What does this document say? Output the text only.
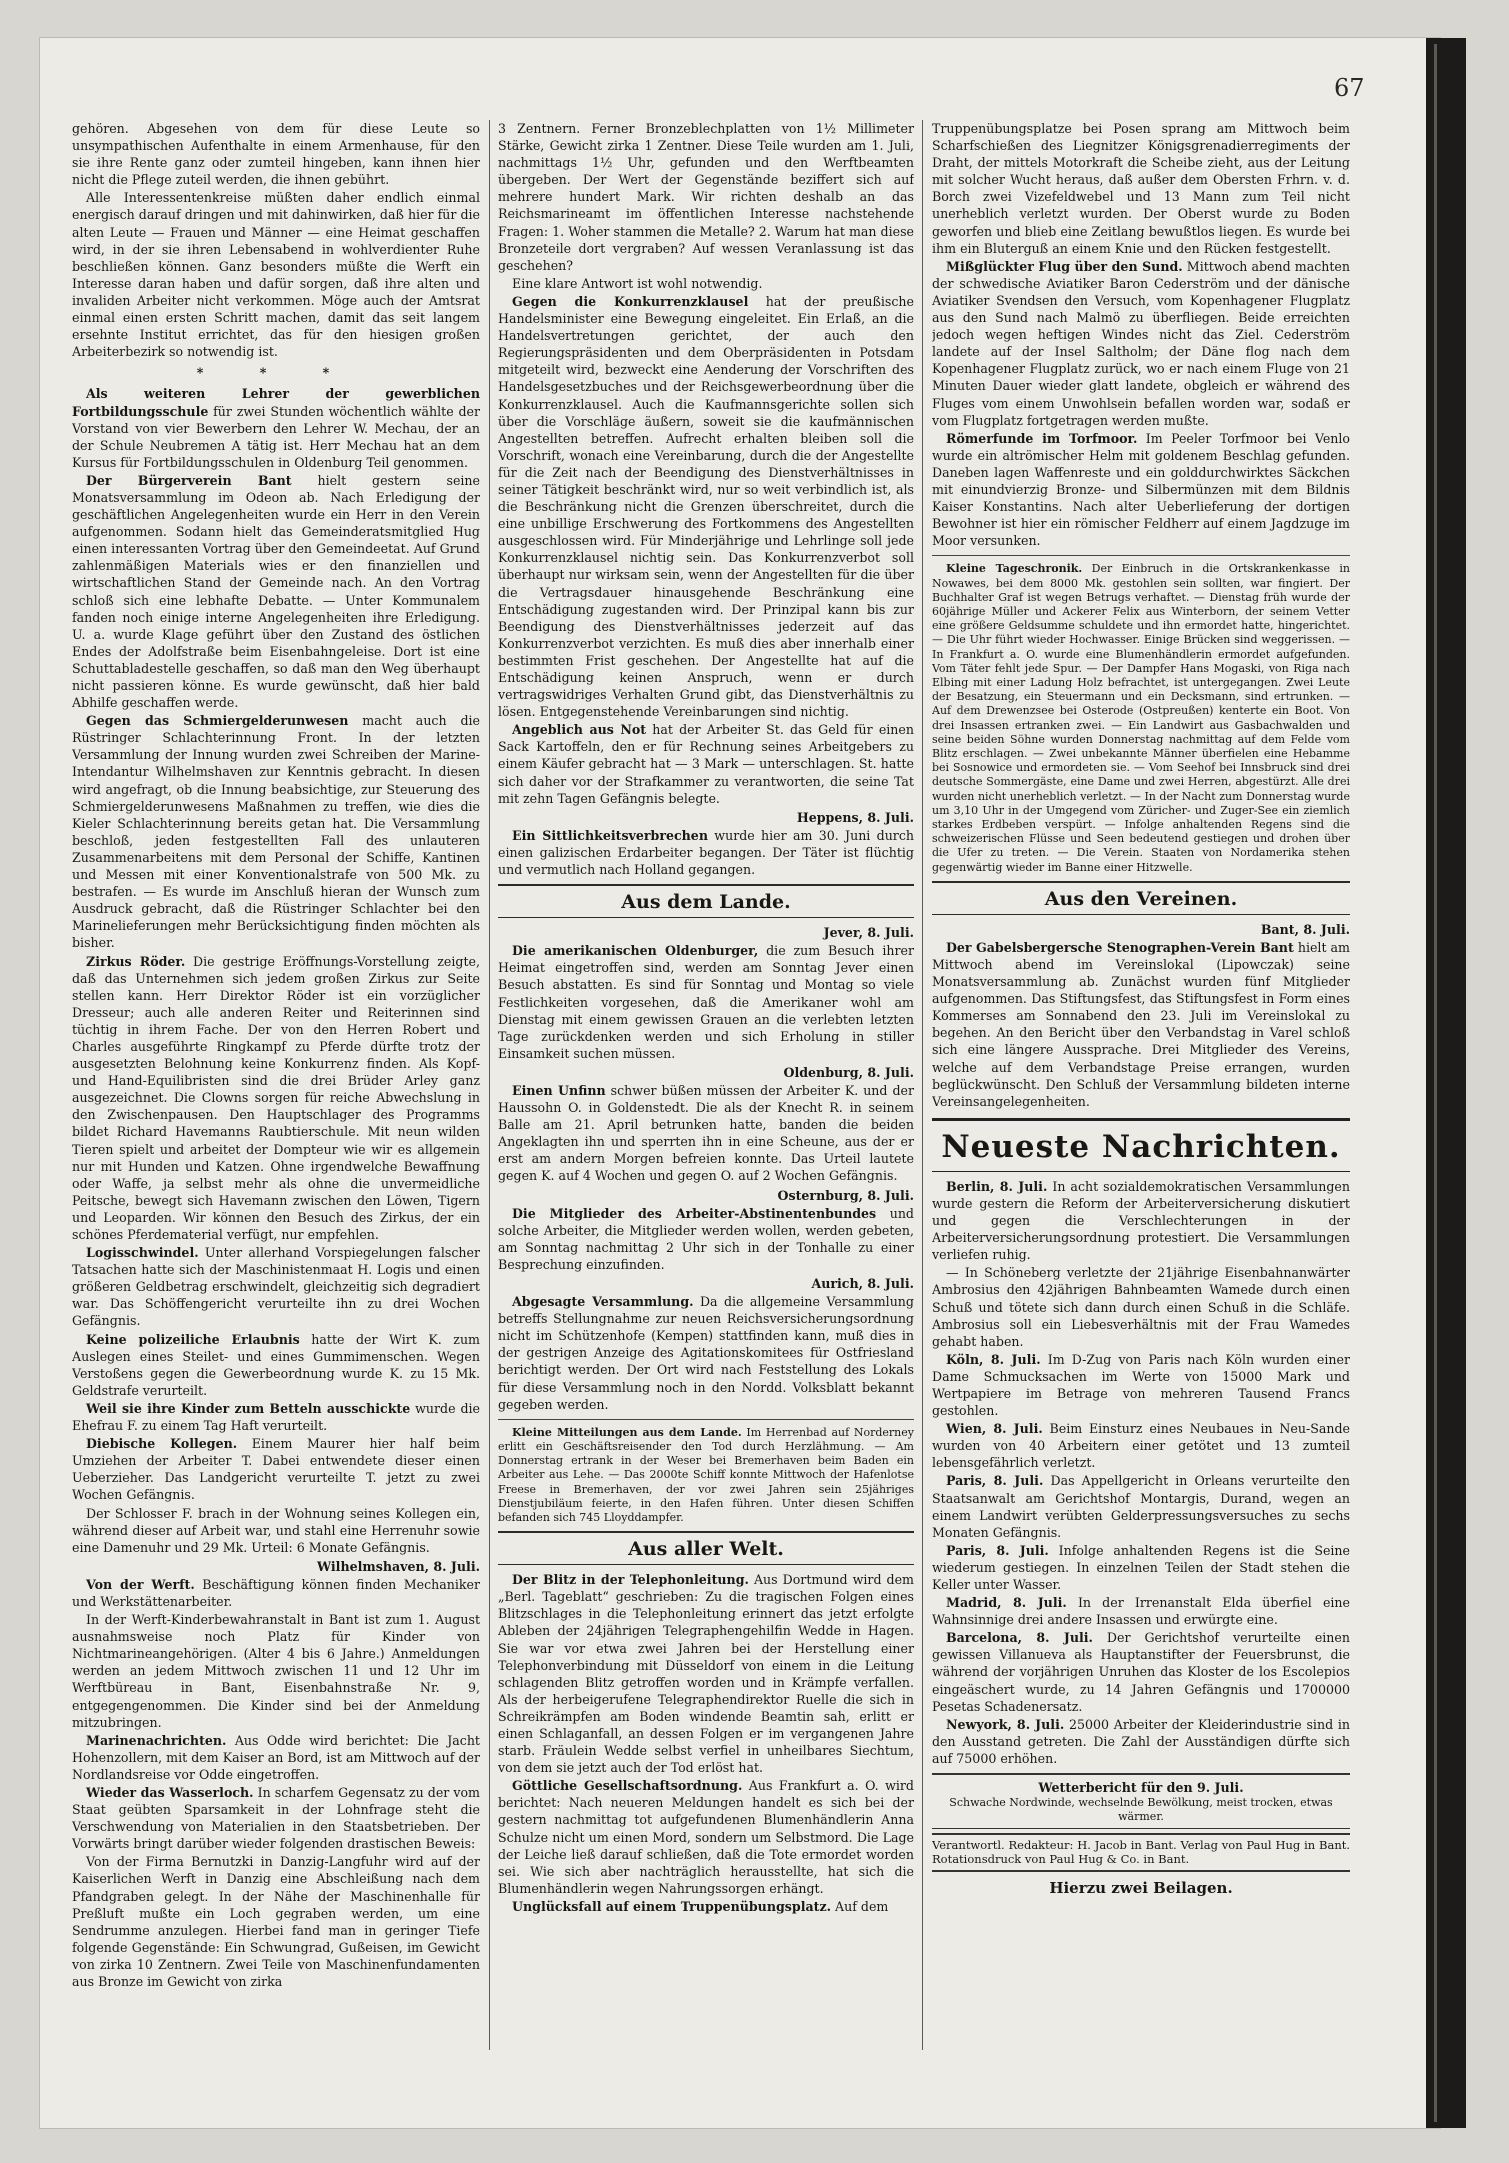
67

gehören. Abgesehen von dem für diese Leute so unsympathischen Aufenthalte in einem Armenhause, für den sie ihre Rente ganz oder zumteil hingeben, kann ihnen hier nicht die Pflege zuteil werden, die ihnen gebührt.

Alle Interessentenkreise müßten daher endlich einmal energisch darauf dringen und mit dahinwirken, daß hier für die alten Leute — Frauen und Männer — eine Heimat geschaffen wird, in der sie ihren Lebensabend in wohlverdienter Ruhe beschließen können. Ganz besonders müßte die Werft ein Interesse daran haben und dafür sorgen, daß ihre alten und invaliden Arbeiter nicht verkommen. Möge auch der Amtsrat einmal einen ersten Schritt machen, damit das seit langem ersehnte Institut errichtet, das für den hiesigen großen Arbeiterbezirk so notwendig ist.

* * *

Als weiteren Lehrer der gewerblichen Fortbildungsschule für zwei Stunden wöchentlich wählte der Vorstand von vier Bewerbern den Lehrer W. Mechau, der an der Schule Neubremen A tätig ist. Herr Mechau hat an dem Kursus für Fortbildungsschulen in Oldenburg Teil genommen.

Der Bürgerverein Bant hielt gestern seine Monatsversammlung im Odeon ab. Nach Erledigung der geschäftlichen Angelegenheiten wurde ein Herr in den Verein aufgenommen. Sodann hielt das Gemeinderatsmitglied Hug einen interessanten Vortrag über den Gemeindeetat. Auf Grund zahlenmäßigen Materials wies er den finanziellen und wirtschaftlichen Stand der Gemeinde nach. An den Vortrag schloß sich eine lebhafte Debatte. — Unter Kommunalem fanden noch einige interne Angelegenheiten ihre Erledigung. U. a. wurde Klage geführt über den Zustand des östlichen Endes der Adolfstraße beim Eisenbahngeleise. Dort ist eine Schuttabladestelle geschaffen, so daß man den Weg überhaupt nicht passieren könne. Es wurde gewünscht, daß hier bald Abhilfe geschaffen werde.

Gegen das Schmiergelderunwesen macht auch die Rüstringer Schlachterinnung Front. In der letzten Versammlung der Innung wurden zwei Schreiben der Marine-Intendantur Wilhelmshaven zur Kenntnis gebracht. In diesen wird angefragt, ob die Innung beabsichtige, zur Steuerung des Schmiergelderunwesens Maßnahmen zu treffen, wie dies die Kieler Schlachterinnung bereits getan hat. Die Versammlung beschloß, jeden festgestellten Fall des unlauteren Zusammenarbeitens mit dem Personal der Schiffe, Kantinen und Messen mit einer Konventionalstrafe von 500 Mk. zu bestrafen. — Es wurde im Anschluß hieran der Wunsch zum Ausdruck gebracht, daß die Rüstringer Schlachter bei den Marinelieferungen mehr Berücksichtigung finden möchten als bisher.

Zirkus Röder. Die gestrige Eröffnungs-Vorstellung zeigte, daß das Unternehmen sich jedem großen Zirkus zur Seite stellen kann. Herr Direktor Röder ist ein vorzüglicher Dresseur; auch alle anderen Reiter und Reiterinnen sind tüchtig in ihrem Fache. Der von den Herren Robert und Charles ausgeführte Ringkampf zu Pferde dürfte trotz der ausgesetzten Belohnung keine Konkurrenz finden. Als Kopf- und Hand-Equilibristen sind die drei Brüder Arley ganz ausgezeichnet. Die Clowns sorgen für reiche Abwechslung in den Zwischenpausen. Den Hauptschlager des Programms bildet Richard Havemanns Raubtierschule. Mit neun wilden Tieren spielt und arbeitet der Dompteur wie wir es allgemein nur mit Hunden und Katzen. Ohne irgendwelche Bewaffnung oder Waffe, ja selbst mehr als ohne die unvermeidliche Peitsche, bewegt sich Havemann zwischen den Löwen, Tigern und Leoparden. Wir können den Besuch des Zirkus, der ein schönes Pferdematerial verfügt, nur empfehlen.

Logisschwindel. Unter allerhand Vorspiegelungen falscher Tatsachen hatte sich der Maschinistenmaat H. Logis und einen größeren Geldbetrag erschwindelt, gleichzeitig sich degradiert war. Das Schöffengericht verurteilte ihn zu drei Wochen Gefängnis.

Keine polizeiliche Erlaubnis hatte der Wirt K. zum Auslegen eines Steilet- und eines Gummimenschen. Wegen Verstoßens gegen die Gewerbeordnung wurde K. zu 15 Mk. Geldstrafe verurteilt.

Weil sie ihre Kinder zum Betteln ausschickte wurde die Ehefrau F. zu einem Tag Haft verurteilt.

Diebische Kollegen. Einem Maurer hier half beim Umziehen der Arbeiter T. Dabei entwendete dieser einen Ueberzieher. Das Landgericht verurteilte T. jetzt zu zwei Wochen Gefängnis.

Der Schlosser F. brach in der Wohnung seines Kollegen ein, während dieser auf Arbeit war, und stahl eine Herrenuhr sowie eine Damenuhr und 29 Mk. Urteil: 6 Monate Gefängnis.

Wilhelmshaven, 8. Juli.

Von der Werft. Beschäftigung können finden Mechaniker und Werkstättenarbeiter.

In der Werft-Kinderbewahranstalt in Bant ist zum 1. August ausnahmsweise noch Platz für Kinder von Nichtmarineangehörigen. (Alter 4 bis 6 Jahre.) Anmeldungen werden an jedem Mittwoch zwischen 11 und 12 Uhr im Werftbüreau in Bant, Eisenbahnstraße Nr. 9, entgegengenommen. Die Kinder sind bei der Anmeldung mitzubringen.

Marinenachrichten. Aus Odde wird berichtet: Die Jacht Hohenzollern, mit dem Kaiser an Bord, ist am Mittwoch auf der Nordlandsreise vor Odde eingetroffen.

Wieder das Wasserloch. In scharfem Gegensatz zu der vom Staat geübten Sparsamkeit in der Lohnfrage steht die Verschwendung von Materialien in den Staatsbetrieben. Der Vorwärts bringt darüber wieder folgenden drastischen Beweis:

Von der Firma Bernutzki in Danzig-Langfuhr wird auf der Kaiserlichen Werft in Danzig eine Abschleißung nach dem Pfandgraben gelegt. In der Nähe der Maschinenhalle für Preßluft mußte ein Loch gegraben werden, um eine Sendrumme anzulegen. Hierbei fand man in geringer Tiefe folgende Gegenstände: Ein Schwungrad, Gußeisen, im Gewicht von zirka 10 Zentnern. Zwei Teile von Maschinenfundamenten aus Bronze im Gewicht von zirka

3 Zentnern. Ferner Bronzeblechplatten von 1½ Millimeter Stärke, Gewicht zirka 1 Zentner. Diese Teile wurden am 1. Juli, nachmittags 1½ Uhr, gefunden und den Werftbeamten übergeben. Der Wert der Gegenstände beziffert sich auf mehrere hundert Mark. Wir richten deshalb an das Reichsmarineamt im öffentlichen Interesse nachstehende Fragen: 1. Woher stammen die Metalle? 2. Warum hat man diese Bronzeteile dort vergraben? Auf wessen Veranlassung ist das geschehen?

Eine klare Antwort ist wohl notwendig.

Gegen die Konkurrenzklausel hat der preußische Handelsminister eine Bewegung eingeleitet. Ein Erlaß, an die Handelsvertretungen gerichtet, der auch den Regierungspräsidenten und dem Oberpräsidenten in Potsdam mitgeteilt wird, bezweckt eine Aenderung der Vorschriften des Handelsgesetzbuches und der Reichsgewerbeordnung über die Konkurrenzklausel. Auch die Kaufmannsgerichte sollen sich über die Vorschläge äußern, soweit sie die kaufmännischen Angestellten betreffen. Aufrecht erhalten bleiben soll die Vorschrift, wonach eine Vereinbarung, durch die der Angestellte für die Zeit nach der Beendigung des Dienstverhältnisses in seiner Tätigkeit beschränkt wird, nur so weit verbindlich ist, als die Beschränkung nicht die Grenzen überschreitet, durch die eine unbillige Erschwerung des Fortkommens des Angestellten ausgeschlossen wird. Für Minderjährige und Lehrlinge soll jede Konkurrenzklausel nichtig sein. Das Konkurrenzverbot soll überhaupt nur wirksam sein, wenn der Angestellten für die über die Vertragsdauer hinausgehende Beschränkung eine Entschädigung zugestanden wird. Der Prinzipal kann bis zur Beendigung des Dienstverhältnisses jederzeit auf das Konkurrenzverbot verzichten. Es muß dies aber innerhalb einer bestimmten Frist geschehen. Der Angestellte hat auf die Entschädigung keinen Anspruch, wenn er durch vertragswidriges Verhalten Grund gibt, das Dienstverhältnis zu lösen. Entgegenstehende Vereinbarungen sind nichtig.

Angeblich aus Not hat der Arbeiter St. das Geld für einen Sack Kartoffeln, den er für Rechnung seines Arbeitgebers zu einem Käufer gebracht hat — 3 Mark — unterschlagen. St. hatte sich daher vor der Strafkammer zu verantworten, die seine Tat mit zehn Tagen Gefängnis belegte.

Heppens, 8. Juli.

Ein Sittlichkeitsverbrechen wurde hier am 30. Juni durch einen galizischen Erdarbeiter begangen. Der Täter ist flüchtig und vermutlich nach Holland gegangen.

Aus dem Lande.
Jever, 8. Juli.

Die amerikanischen Oldenburger, die zum Besuch ihrer Heimat eingetroffen sind, werden am Sonntag Jever einen Besuch abstatten. Es sind für Sonntag und Montag so viele Festlichkeiten vorgesehen, daß die Amerikaner wohl am Dienstag mit einem gewissen Grauen an die verlebten letzten Tage zurückdenken werden und sich Erholung in stiller Einsamkeit suchen müssen.

Oldenburg, 8. Juli.

Einen Unfinn schwer büßen müssen der Arbeiter K. und der Haussohn O. in Goldenstedt. Die als der Knecht R. in seinem Balle am 21. April betrunken hatte, banden die beiden Angeklagten ihn und sperrten ihn in eine Scheune, aus der er erst am andern Morgen befreien konnte. Das Urteil lautete gegen K. auf 4 Wochen und gegen O. auf 2 Wochen Gefängnis.

Osternburg, 8. Juli.

Die Mitglieder des Arbeiter-Abstinentenbundes und solche Arbeiter, die Mitglieder werden wollen, werden gebeten, am Sonntag nachmittag 2 Uhr sich in der Tonhalle zu einer Besprechung einzufinden.

Aurich, 8. Juli.

Abgesagte Versammlung. Da die allgemeine Versammlung betreffs Stellungnahme zur neuen Reichsversicherungsordnung nicht im Schützenhofe (Kempen) stattfinden kann, muß dies in der gestrigen Anzeige des Agitationskomitees für Ostfriesland berichtigt werden. Der Ort wird nach Feststellung des Lokals für diese Versammlung noch in den Nordd. Volksblatt bekannt gegeben werden.

Kleine Mitteilungen aus dem Lande. Im Herrenbad auf Norderney erlitt ein Geschäftsreisender den Tod durch Herzlähmung. — Am Donnerstag ertrank in der Weser bei Bremerhaven beim Baden ein Arbeiter aus Lehe. — Das 2000te Schiff konnte Mittwoch der Hafenlotse Freese in Bremerhaven, der vor zwei Jahren sein 25jähriges Dienstjubiläum feierte, in den Hafen führen. Unter diesen Schiffen befanden sich 745 Lloyddampfer.

Aus aller Welt.

Der Blitz in der Telephonleitung. Aus Dortmund wird dem „Berl. Tageblatt“ geschrieben: Zu die tragischen Folgen eines Blitzschlages in die Telephonleitung erinnert das jetzt erfolgte Ableben der 24jährigen Telegraphengehilfin Wedde in Hagen. Sie war vor etwa zwei Jahren bei der Herstellung einer Telephonverbindung mit Düsseldorf von einem in die Leitung schlagenden Blitz getroffen worden und in Krämpfe verfallen. Als der herbeigerufene Telegraphendirektor Ruelle die sich in Schreikrämpfen am Boden windende Beamtin sah, erlitt er einen Schlaganfall, an dessen Folgen er im vergangenen Jahre starb. Fräulein Wedde selbst verfiel in unheilbares Siechtum, von dem sie jetzt auch der Tod erlöst hat.

Göttliche Gesellschaftsordnung. Aus Frankfurt a. O. wird berichtet: Nach neueren Meldungen handelt es sich bei der gestern nachmittag tot aufgefundenen Blumenhändlerin Anna Schulze nicht um einen Mord, sondern um Selbstmord. Die Lage der Leiche ließ darauf schließen, daß die Tote ermordet worden sei. Wie sich aber nachträglich herausstellte, hat sich die Blumenhändlerin wegen Nahrungssorgen erhängt.

Unglücksfall auf einem Truppenübungsplatz. Auf dem

Truppenübungsplatze bei Posen sprang am Mittwoch beim Scharfschießen des Liegnitzer Königsgrenadierregiments der Draht, der mittels Motorkraft die Scheibe zieht, aus der Leitung mit solcher Wucht heraus, daß außer dem Obersten Frhrn. v. d. Borch zwei Vizefeldwebel und 13 Mann zum Teil nicht unerheblich verletzt wurden. Der Oberst wurde zu Boden geworfen und blieb eine Zeitlang bewußtlos liegen. Es wurde bei ihm ein Bluterguß an einem Knie und den Rücken festgestellt.

Mißglückter Flug über den Sund. Mittwoch abend machten der schwedische Aviatiker Baron Cederström und der dänische Aviatiker Svendsen den Versuch, vom Kopenhagener Flugplatz aus den Sund nach Malmö zu überfliegen. Beide erreichten jedoch wegen heftigen Windes nicht das Ziel. Cederström landete auf der Insel Saltholm; der Däne flog nach dem Kopenhagener Flugplatz zurück, wo er nach einem Fluge von 21 Minuten Dauer wieder glatt landete, obgleich er während des Fluges vom einem Unwohlsein befallen worden war, sodaß er vom Flugplatz fortgetragen werden mußte.

Römerfunde im Torfmoor. Im Peeler Torfmoor bei Venlo wurde ein altrömischer Helm mit goldenem Beschlag gefunden. Daneben lagen Waffenreste und ein golddurchwirktes Säckchen mit einundvierzig Bronze- und Silbermünzen mit dem Bildnis Kaiser Konstantins. Nach alter Ueberlieferung der dortigen Bewohner ist hier ein römischer Feldherr auf einem Jagdzuge im Moor versunken.

Kleine Tageschronik. Der Einbruch in die Ortskrankenkasse in Nowawes, bei dem 8000 Mk. gestohlen sein sollten, war fingiert. Der Buchhalter Graf ist wegen Betrugs verhaftet. — Dienstag früh wurde der 60jährige Müller und Ackerer Felix aus Winterborn, der seinem Vetter eine größere Geldsumme schuldete und ihn ermordet hatte, hingerichtet. — Die Uhr führt wieder Hochwasser. Einige Brücken sind weggerissen. — In Frankfurt a. O. wurde eine Blumenhändlerin ermordet aufgefunden. Vom Täter fehlt jede Spur. — Der Dampfer Hans Mogaski, von Riga nach Elbing mit einer Ladung Holz befrachtet, ist untergegangen. Zwei Leute der Besatzung, ein Steuermann und ein Decksmann, sind ertrunken. — Auf dem Drewenzsee bei Osterode (Ostpreußen) kenterte ein Boot. Von drei Insassen ertranken zwei. — Ein Landwirt aus Gasbachwalden und seine beiden Söhne wurden Donnerstag nachmittag auf dem Felde vom Blitz erschlagen. — Zwei unbekannte Männer überfielen eine Hebamme bei Sosnowice und ermordeten sie. — Vom Seehof bei Innsbruck sind drei deutsche Sommergäste, eine Dame und zwei Herren, abgestürzt. Alle drei wurden nicht unerheblich verletzt. — In der Nacht zum Donnerstag wurde um 3,10 Uhr in der Umgegend vom Züricher- und Zuger-See ein ziemlich starkes Erdbeben verspürt. — Infolge anhaltenden Regens sind die schweizerischen Flüsse und Seen bedeutend gestiegen und drohen über die Ufer zu treten. — Die Verein. Staaten von Nordamerika stehen gegenwärtig wieder im Banne einer Hitzwelle.

Aus den Vereinen.
Bant, 8. Juli.

Der Gabelsbergersche Stenographen-Verein Bant hielt am Mittwoch abend im Vereinslokal (Lipowczak) seine Monatsversammlung ab. Zunächst wurden fünf Mitglieder aufgenommen. Das Stiftungsfest, das Stiftungsfest in Form eines Kommerses am Sonnabend den 23. Juli im Vereinslokal zu begehen. An den Bericht über den Verbandstag in Varel schloß sich eine längere Aussprache. Drei Mitglieder des Vereins, welche auf dem Verbandstage Preise errangen, wurden beglückwünscht. Den Schluß der Versammlung bildeten interne Vereinsangelegenheiten.

Neueste Nachrichten.

Berlin, 8. Juli. In acht sozialdemokratischen Versammlungen wurde gestern die Reform der Arbeiterversicherung diskutiert und gegen die Verschlechterungen in der Arbeiterversicherungsordnung protestiert. Die Versammlungen verliefen ruhig.

— In Schöneberg verletzte der 21jährige Eisenbahnanwärter Ambrosius den 42jährigen Bahnbeamten Wamede durch einen Schuß und tötete sich dann durch einen Schuß in die Schläfe. Ambrosius soll ein Liebesverhältnis mit der Frau Wamedes gehabt haben.

Köln, 8. Juli. Im D-Zug von Paris nach Köln wurden einer Dame Schmucksachen im Werte von 15000 Mark und Wertpapiere im Betrage von mehreren Tausend Francs gestohlen.

Wien, 8. Juli. Beim Einsturz eines Neubaues in Neu-Sande wurden von 40 Arbeitern einer getötet und 13 zumteil lebensgefährlich verletzt.

Paris, 8. Juli. Das Appellgericht in Orleans verurteilte den Staatsanwalt am Gerichtshof Montargis, Durand, wegen an einem Landwirt verübten Gelderpressungsversuches zu sechs Monaten Gefängnis.

Paris, 8. Juli. Infolge anhaltenden Regens ist die Seine wiederum gestiegen. In einzelnen Teilen der Stadt stehen die Keller unter Wasser.

Madrid, 8. Juli. In der Irrenanstalt Elda überfiel eine Wahnsinnige drei andere Insassen und erwürgte eine.

Barcelona, 8. Juli. Der Gerichtshof verurteilte einen gewissen Villanueva als Hauptanstifter der Feuersbrunst, die während der vorjährigen Unruhen das Kloster de los Escolepios eingeäschert wurde, zu 14 Jahren Gefängnis und 1700000 Pesetas Schadenersatz.

Newyork, 8. Juli. 25000 Arbeiter der Kleiderindustrie sind in den Ausstand getreten. Die Zahl der Ausständigen dürfte sich auf 75000 erhöhen.

Wetterbericht für den 9. Juli.
Schwache Nordwinde, wechselnde Bewölkung, meist trocken, etwas wärmer.
Verantwortl. Redakteur: H. Jacob in Bant. Verlag von Paul Hug in Bant. Rotationsdruck von Paul Hug & Co. in Bant.
Hierzu zwei Beilagen.
